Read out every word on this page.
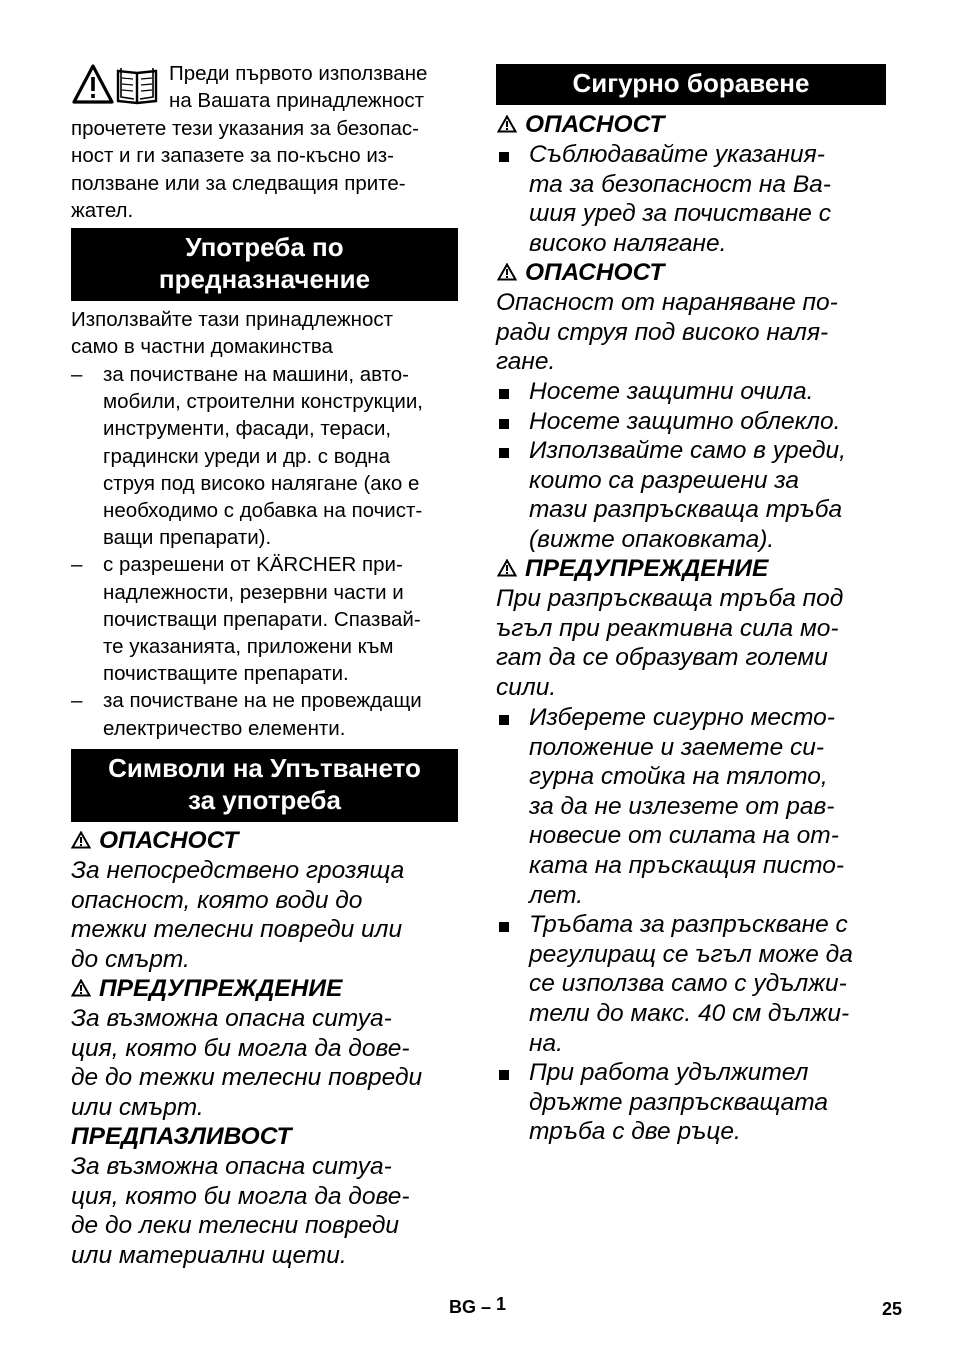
Преди първото използване
на Вашата принадлежност
прочетете тези указания за безопас-
ност и ги запазете за по-късно из-
ползване или за следващия прите-
жател.
Употреба по
предназначение
Използвайте тази принадлежност
само в частни домакинства
– за почистване на машини, авто-
мобили, строителни конструкции,
инструменти, фасади, тераси,
градински уреди и др. с водна
струя под високо налягане (ако е
необходимо с добавка на почист-
ващи препарати).
– с разрешени от KÄRCHER при-
надлежности, резервни части и
почистващи препарати. Спазвай-
те указанията, приложени към
почистващите препарати.
– за почистване на не провеждащи
електричество елементи.
Символи на Упътването
за употреба
ОПАСНОСТ
За непосредствено грозяща
опасност, която води до
тежки телесни повреди или
до смърт.
ПРЕДУПРЕЖДЕНИЕ
За възможна опасна ситуа-
ция, която би могла да дове-
де до тежки телесни повреди
или смърт.
ПРЕДПАЗЛИВОСТ
За възможна опасна ситуа-
ция, която би могла да дове-
де до леки телесни повреди
или материални щети.
Сигурно боравене
ОПАСНОСТ
Съблюдавайте указания-
та за безопасност на Ва-
шия уред за почистване с
високо налягане.
ОПАСНОСТ
Опасност от нараняване по-
ради струя под високо наля-
гане.
Носете защитни очила.
Носете защитно облекло.
Използвайте само в уреди,
които са разрешени за
тази разпръскваща тръба
(вижте опаковката).
ПРЕДУПРЕЖДЕНИЕ
При разпръскваща тръба под
ъгъл при реактивна сила мо-
гат да се образуват големи
сили.
Изберете сигурно место-
положение и заемете си-
гурна стойка на тялото,
за да не излезете от рав-
новесие от силата на от-
ката на пръскащия писто-
лет.
Тръбата за разпръскване с
регулиращ се ъгъл може да
се използва само с удължи-
тели до макс. 40 см дължи-
на.
При работа удължител
дръжте разпръскващата
тръба с две ръце.
BG – 1	25
